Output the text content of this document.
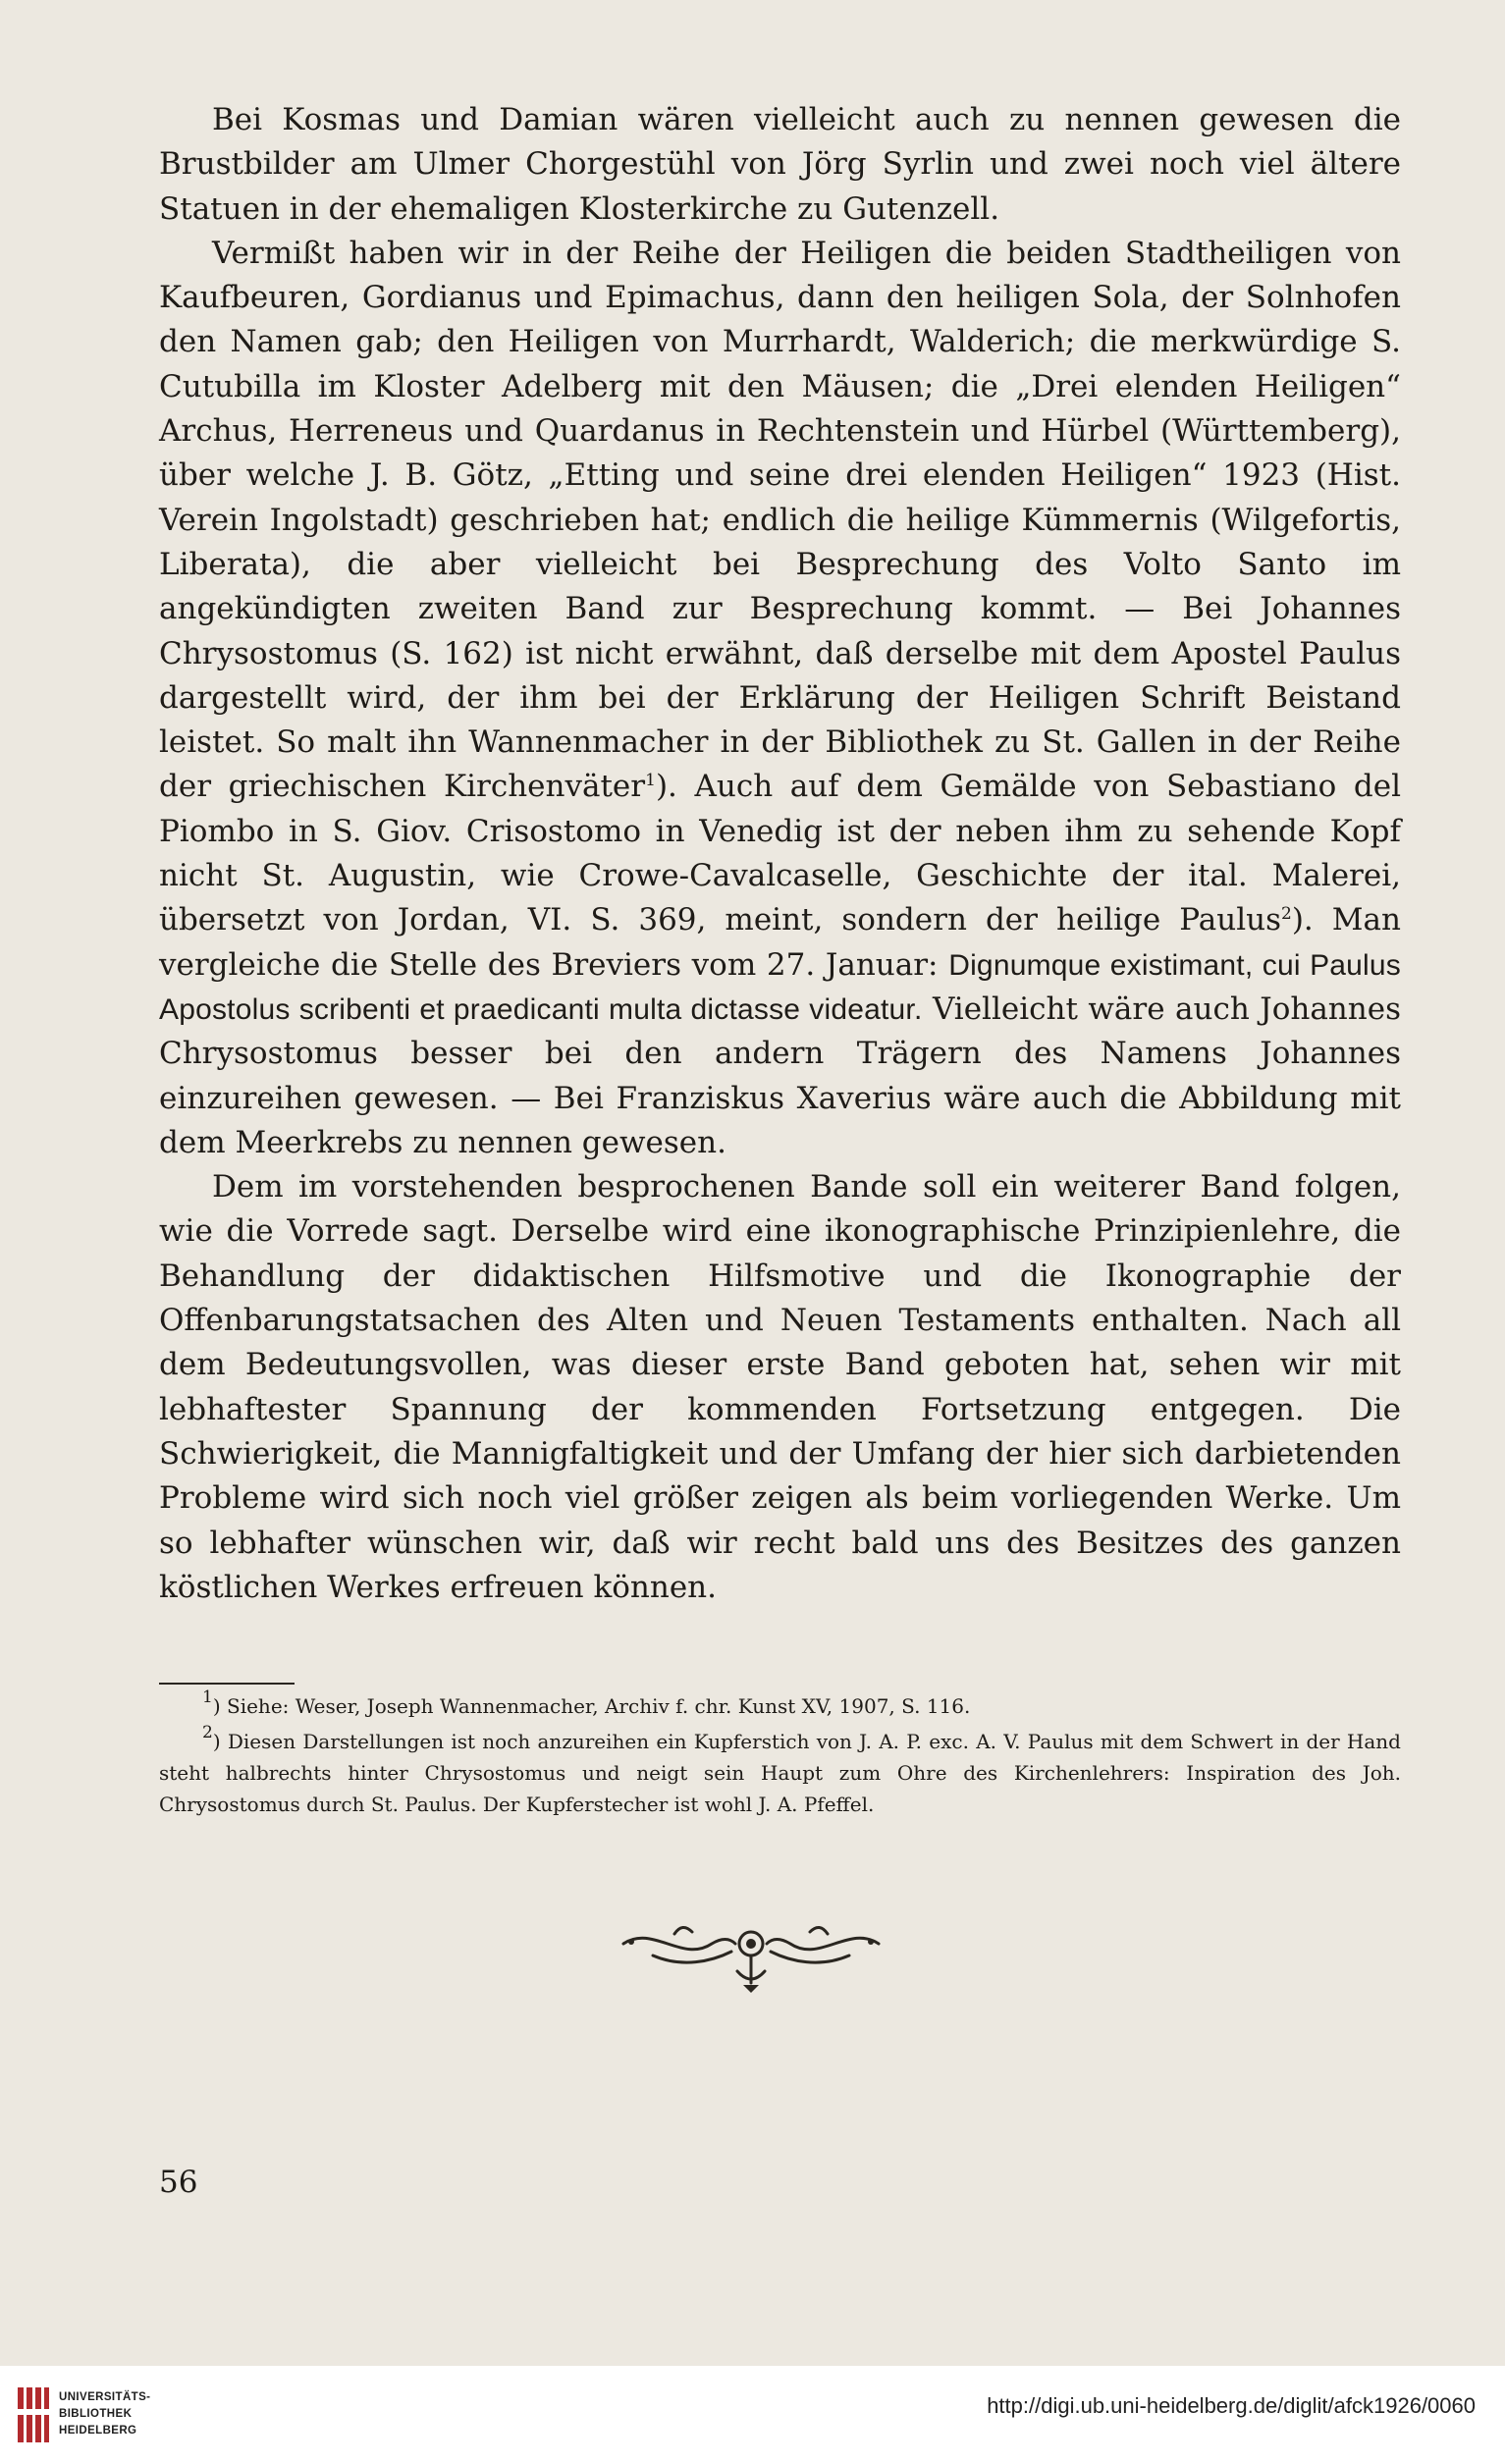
Bei Kosmas und Damian wären vielleicht auch zu nennen gewesen die Brustbilder am Ulmer Chorgestühl von Jörg Syrlin und zwei noch viel ältere Statuen in der ehemaligen Klosterkirche zu Gutenzell.

Vermißt haben wir in der Reihe der Heiligen die beiden Stadtheiligen von Kaufbeuren, Gordianus und Epimachus, dann den heiligen Sola, der Solnhofen den Namen gab; den Heiligen von Murrhardt, Walderich; die merkwürdige S. Cutubilla im Kloster Adelberg mit den Mäusen; die „Drei elenden Heiligen“ Archus, Herreneus und Quardanus in Rechtenstein und Hürbel (Württemberg), über welche J. B. Götz, „Etting und seine drei elenden Heiligen“ 1923 (Hist. Verein Ingolstadt) geschrieben hat; endlich die heilige Kümmernis (Wilgefortis, Liberata), die aber vielleicht bei Besprechung des Volto Santo im angekündigten zweiten Band zur Besprechung kommt. — Bei Johannes Chrysostomus (S. 162) ist nicht erwähnt, daß derselbe mit dem Apostel Paulus dargestellt wird, der ihm bei der Erklärung der Heiligen Schrift Beistand leistet. So malt ihn Wannenmacher in der Bibliothek zu St. Gallen in der Reihe der griechischen Kirchenväter$^1$). Auch auf dem Gemälde von Sebastiano del Piombo in S. Giov. Crisostomo in Venedig ist der neben ihm zu sehende Kopf nicht St. Augustin, wie Crowe-Cavalcaselle, Geschichte der ital. Malerei, übersetzt von Jordan, VI. S. 369, meint, sondern der heilige Paulus$^2$). Man vergleiche die Stelle des Breviers vom 27. Januar: Dignumque existimant, cui Paulus Apostolus scribenti et praedicanti multa dictasse videatur. Vielleicht wäre auch Johannes Chrysostomus besser bei den andern Trägern des Namens Johannes einzureihen gewesen. — Bei Franziskus Xaverius wäre auch die Abbildung mit dem Meerkrebs zu nennen gewesen.

Dem im vorstehenden besprochenen Bande soll ein weiterer Band folgen, wie die Vorrede sagt. Derselbe wird eine ikonographische Prinzipienlehre, die Behandlung der didaktischen Hilfsmotive und die Ikonographie der Offenbarungstatsachen des Alten und Neuen Testaments enthalten. Nach all dem Bedeutungsvollen, was dieser erste Band geboten hat, sehen wir mit lebhaftester Spannung der kommenden Fortsetzung entgegen. Die Schwierigkeit, die Mannigfaltigkeit und der Umfang der hier sich darbietenden Probleme wird sich noch viel größer zeigen als beim vorliegenden Werke. Um so lebhafter wünschen wir, daß wir recht bald uns des Besitzes des ganzen köstlichen Werkes erfreuen können.

$^1$) Siehe: Weser, Joseph Wannenmacher, Archiv f. chr. Kunst XV, 1907, S. 116.

$^2$) Diesen Darstellungen ist noch anzureihen ein Kupferstich von J. A. P. exc. A. V. Paulus mit dem Schwert in der Hand steht halbrechts hinter Chrysostomus und neigt sein Haupt zum Ohre des Kirchenlehrers: Inspiration des Joh. Chrysostomus durch St. Paulus. Der Kupferstecher ist wohl J. A. Pfeffel.

56
UNIVERSITÄTS-
BIBLIOTHEK
HEIDELBERG
http://digi.ub.uni-heidelberg.de/diglit/afck1926/0060
